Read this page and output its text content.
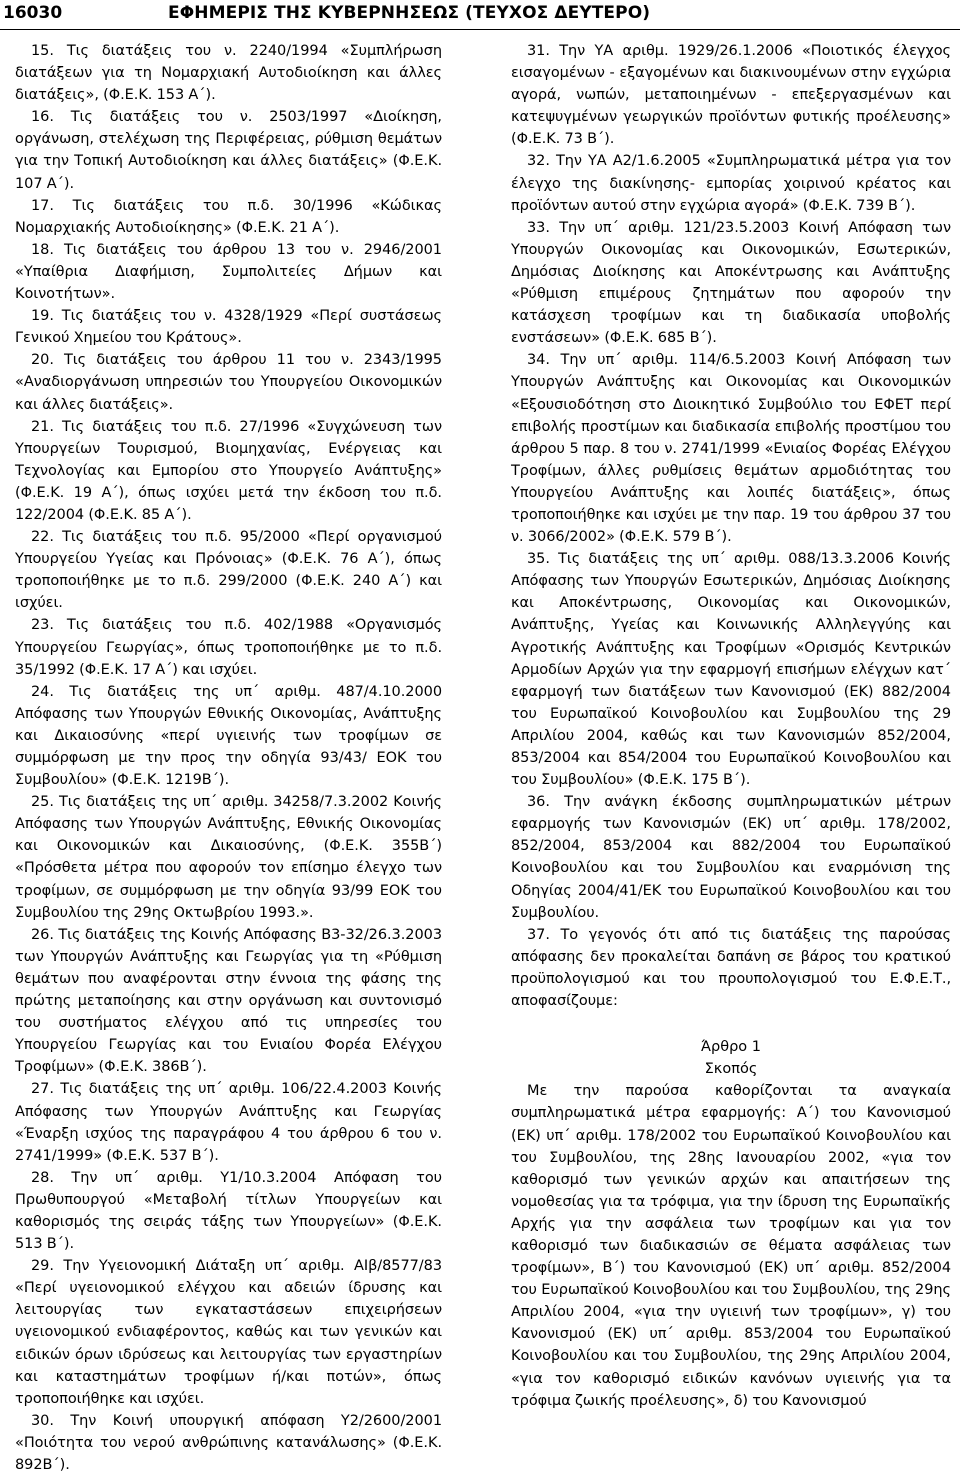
16030	ΕΦΗΜΕΡΙΣ ΤΗΣ ΚΥΒΕΡΝΗΣΕΩΣ (ΤΕΥΧΟΣ ΔΕΥΤΕΡΟ)

15. Τις διατάξεις του ν. 2240/1994 «Συμπλήρωση διατάξεων για τη Νομαρχιακή Αυτοδιοίκηση και άλλες διατάξεις», (Φ.Ε.Κ. 153 Α΄).

16. Τις διατάξεις του ν. 2503/1997 «Διοίκηση, οργάνωση, στελέχωση της Περιφέρειας, ρύθμιση θεμάτων για την Τοπική Αυτοδιοίκηση και άλλες διατάξεις» (Φ.Ε.Κ. 107 Α΄).

17. Τις διατάξεις του π.δ. 30/1996 «Κώδικας Νομαρχιακής Αυτοδιοίκησης» (Φ.Ε.Κ. 21 Α΄).

18. Τις διατάξεις του άρθρου 13 του ν. 2946/2001 «Υπαίθρια Διαφήμιση, Συμπολιτείες Δήμων και Κοινοτήτων».

19. Τις διατάξεις του ν. 4328/1929 «Περί συστάσεως Γενικού Χημείου του Κράτους».

20. Τις διατάξεις του άρθρου 11 του ν. 2343/1995 «Αναδιοργάνωση υπηρεσιών του Υπουργείου Οικονομικών και άλλες διατάξεις».

21. Τις διατάξεις του π.δ. 27/1996 «Συγχώνευση των Υπουργείων Τουρισμού, Βιομηχανίας, Ενέργειας και Τεχνολογίας και Εμπορίου στο Υπουργείο Ανάπτυξης» (Φ.Ε.Κ. 19 Α΄), όπως ισχύει μετά την έκδοση του π.δ. 122/2004 (Φ.Ε.Κ. 85 Α΄).

22. Τις διατάξεις του π.δ. 95/2000 «Περί οργανισμού Υπουργείου Υγείας και Πρόνοιας» (Φ.Ε.Κ. 76 Α΄), όπως τροποποιήθηκε με το π.δ. 299/2000 (Φ.Ε.Κ. 240 Α΄) και ισχύει.

23. Τις διατάξεις του π.δ. 402/1988 «Οργανισμός Υπουργείου Γεωργίας», όπως τροποποιήθηκε με το π.δ. 35/1992 (Φ.Ε.Κ. 17 Α΄) και ισχύει.

24. Τις διατάξεις της υπ΄ αριθμ. 487/4.10.2000 Απόφασης των Υπουργών Εθνικής Οικονομίας, Ανάπτυξης και Δικαιοσύνης «περί υγιεινής των τροφίμων σε συμμόρφωση με την προς την οδηγία 93/43/ ΕΟΚ του Συμβουλίου» (Φ.Ε.Κ. 1219Β΄).

25. Τις διατάξεις της υπ΄ αριθμ. 34258/7.3.2002 Κοινής Απόφασης των Υπουργών Ανάπτυξης, Εθνικής Οικονομίας και Οικονομικών και Δικαιοσύνης, (Φ.Ε.Κ. 355Β΄) «Πρόσθετα μέτρα που αφορούν τον επίσημο έλεγχο των τροφίμων, σε συμμόρφωση με την οδηγία 93/99 ΕΟΚ του Συμβουλίου της 29ης Οκτωβρίου 1993.».

26. Τις διατάξεις της Κοινής Απόφασης Β3-32/26.3.2003 των Υπουργών Ανάπτυξης και Γεωργίας για τη «Ρύθμιση θεμάτων που αναφέρονται στην έννοια της φάσης της πρώτης μεταποίησης και στην οργάνωση και συντονισμό του συστήματος ελέγχου από τις υπηρεσίες του Υπουργείου Γεωργίας και του Ενιαίου Φορέα Ελέγχου Τροφίμων» (Φ.Ε.Κ. 386Β΄).

27. Τις διατάξεις της υπ΄ αριθμ. 106/22.4.2003 Κοινής Απόφασης των Υπουργών Ανάπτυξης και Γεωργίας «Έναρξη ισχύος της παραγράφου 4 του άρθρου 6 του ν. 2741/1999» (Φ.Ε.Κ. 537 Β΄).

28. Την υπ΄ αριθμ. Υ1/10.3.2004 Απόφαση του Πρωθυπουργού «Μεταβολή τίτλων Υπουργείων και καθορισμός της σειράς τάξης των Υπουργείων» (Φ.Ε.Κ. 513 Β΄).

29. Την Υγειονομική Διάταξη υπ΄ αριθμ. ΑΙβ/8577/83 «Περί υγειονομικού ελέγχου και αδειών ίδρυσης και λειτουργίας των εγκαταστάσεων επιχειρήσεων υγειονομικού ενδιαφέροντος, καθώς και των γενικών και ειδικών όρων ιδρύσεως και λειτουργίας των εργαστηρίων και καταστημάτων τροφίμων ή/και ποτών», όπως τροποποιήθηκε και ισχύει.

30. Την Κοινή υπουργική απόφαση Υ2/2600/2001 «Ποιότητα του νερού ανθρώπινης κατανάλωσης» (Φ.Ε.Κ. 892Β΄).

31. Την ΥΑ αριθμ. 1929/26.1.2006 «Ποιοτικός έλεγχος εισαγομένων - εξαγομένων και διακινουμένων στην εγχώρια αγορά, νωπών, μεταποιημένων - επεξεργασμένων και κατεψυγμένων γεωργικών προϊόντων φυτικής προέλευσης» (Φ.Ε.Κ. 73 Β΄).

32. Την ΥΑ Α2/1.6.2005 «Συμπληρωματικά μέτρα για τον έλεγχο της διακίνησης- εμπορίας χοιρινού κρέατος και προϊόντων αυτού στην εγχώρια αγορά» (Φ.Ε.Κ. 739 Β΄).

33. Την υπ΄ αριθμ. 121/23.5.2003 Κοινή Απόφαση των Υπουργών Οικονομίας και Οικονομικών, Εσωτερικών, Δημόσιας Διοίκησης και Αποκέντρωσης και Ανάπτυξης «Ρύθμιση επιμέρους ζητημάτων που αφορούν την κατάσχεση τροφίμων και τη διαδικασία υποβολής ενστάσεων» (Φ.Ε.Κ. 685 Β΄).

34. Την υπ΄ αριθμ. 114/6.5.2003 Κοινή Απόφαση των Υπουργών Ανάπτυξης και Οικονομίας και Οικονομικών «Εξουσιοδότηση στο Διοικητικό Συμβούλιο του ΕΦΕΤ περί επιβολής προστίμων και διαδικασία επιβολής προστίμου του άρθρου 5 παρ. 8 του ν. 2741/1999 «Ενιαίος Φορέας Ελέγχου Τροφίμων, άλλες ρυθμίσεις θεμάτων αρμοδιότητας του Υπουργείου Ανάπτυξης και λοιπές διατάξεις», όπως τροποποιήθηκε και ισχύει με την παρ. 19 του άρθρου 37 του ν. 3066/2002» (Φ.Ε.Κ. 579 Β΄).

35. Τις διατάξεις της υπ΄ αριθμ. 088/13.3.2006 Κοινής Απόφασης των Υπουργών Εσωτερικών, Δημόσιας Διοίκησης και Αποκέντρωσης, Οικονομίας και Οικονομικών, Ανάπτυξης, Υγείας και Κοινωνικής Αλληλεγγύης και Αγροτικής Ανάπτυξης και Τροφίμων «Ορισμός Κεντρικών Αρμοδίων Αρχών για την εφαρμογή επισήμων ελέγχων κατ΄ εφαρμογή των διατάξεων των Κανονισμού (ΕΚ) 882/2004 του Ευρωπαϊκού Κοινοβουλίου και Συμβουλίου της 29 Απριλίου 2004, καθώς και των Κανονισμών 852/2004, 853/2004 και 854/2004 του Ευρωπαϊκού Κοινοβουλίου και του Συμβουλίου» (Φ.Ε.Κ. 175 Β΄).

36. Την ανάγκη έκδοσης συμπληρωματικών μέτρων εφαρμογής των Κανονισμών (ΕΚ) υπ΄ αριθμ. 178/2002, 852/2004, 853/2004 και 882/2004 του Ευρωπαϊκού Κοινοβουλίου και του Συμβουλίου και εναρμόνιση της Οδηγίας 2004/41/ΕΚ του Ευρωπαϊκού Κοινοβουλίου και του Συμβουλίου.

37. Το γεγονός ότι από τις διατάξεις της παρούσας απόφασης δεν προκαλείται δαπάνη σε βάρος του κρατικού προϋπολογισμού και του προυπολογισμού του Ε.Φ.Ε.Τ., αποφασίζουμε:

Άρθρο 1

Σκοπός

Με την παρούσα καθορίζονται τα αναγκαία συμπληρωματικά μέτρα εφαρμογής: Α΄) του Κανονισμού (ΕΚ) υπ΄ αριθμ. 178/2002 του Ευρωπαϊκού Κοινοβουλίου και του Συμβουλίου, της 28ης Ιανουαρίου 2002, «για τον καθορισμό των γενικών αρχών και απαιτήσεων της νομοθεσίας για τα τρόφιμα, για την ίδρυση της Ευρωπαϊκής Αρχής για την ασφάλεια των τροφίμων και για τον καθορισμό των διαδικασιών σε θέματα ασφάλειας των τροφίμων», Β΄) του Κανονισμού (ΕΚ) υπ΄ αριθμ. 852/2004 του Ευρωπαϊκού Κοινοβουλίου και του Συμβουλίου, της 29ης Απριλίου 2004, «για την υγιεινή των τροφίμων», γ) του Κανονισμού (ΕΚ) υπ΄ αριθμ. 853/2004 του Ευρωπαϊκού Κοινοβουλίου και του Συμβουλίου, της 29ης Απριλίου 2004, «για τον καθορισμό ειδικών κανόνων υγιεινής για τα τρόφιμα ζωικής προέλευσης», δ) του Κανονισμού
